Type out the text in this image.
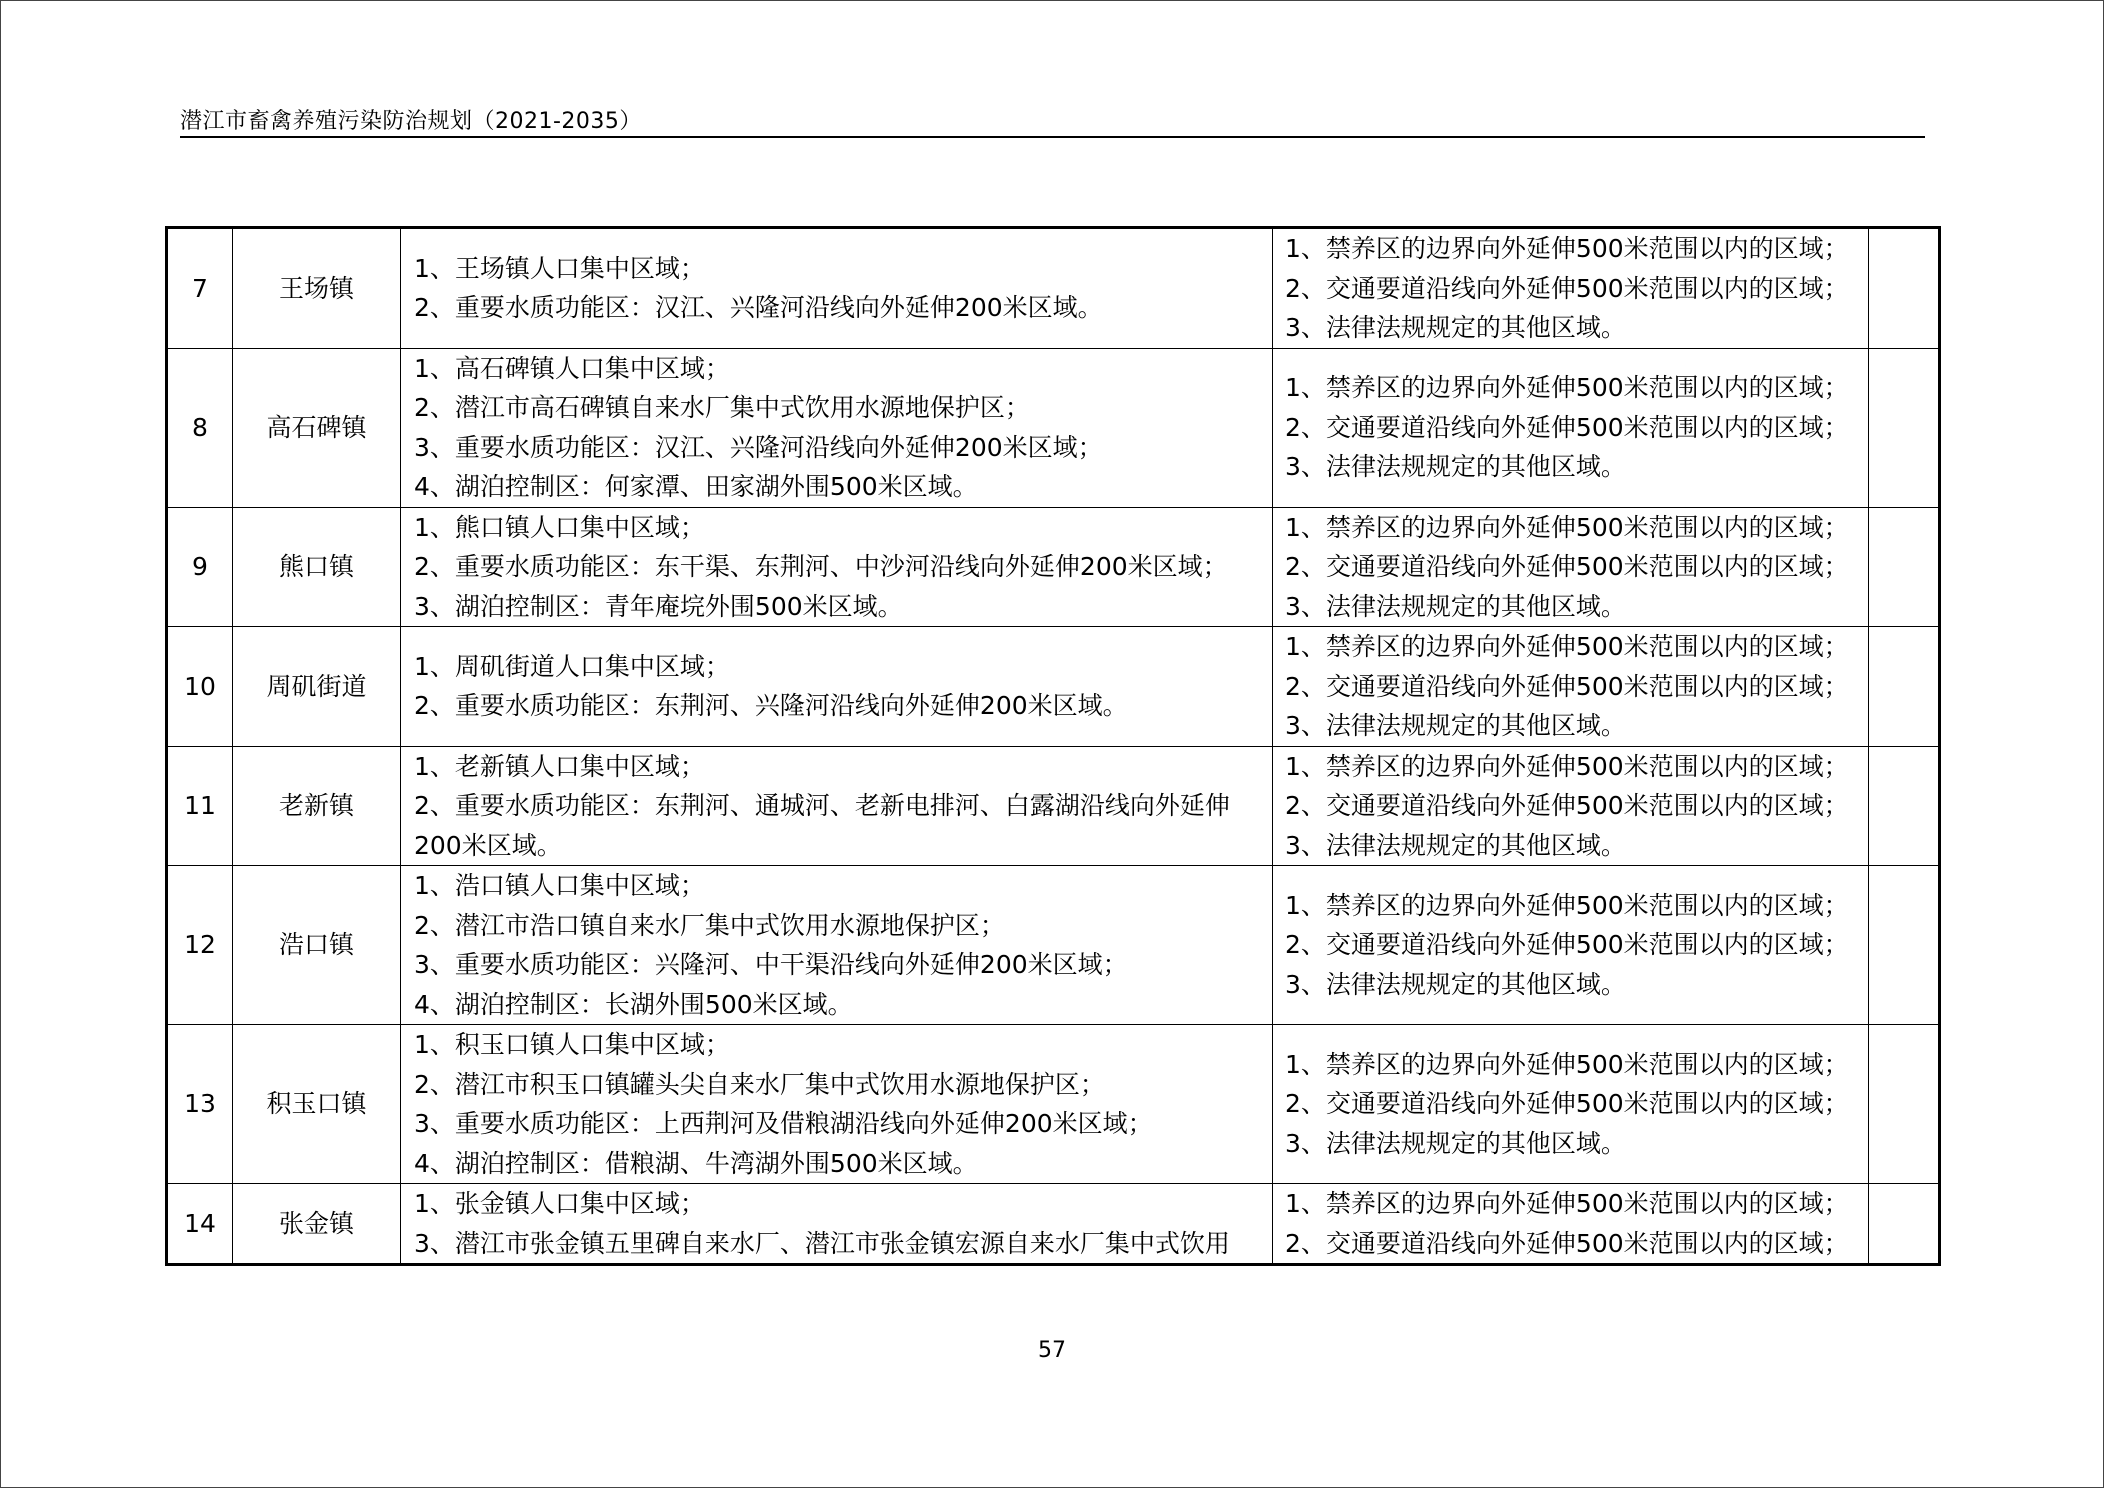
潜江市畜禽养殖污染防治规划（2021-2035）
7	王场镇	1、王场镇人口集中区域；
2、重要水质功能区：汉江、兴隆河沿线向外延伸200米区域。	1、禁养区的边界向外延伸500米范围以内的区域；
2、交通要道沿线向外延伸500米范围以内的区域；
3、法律法规规定的其他区域。	

8	高石碑镇	1、高石碑镇人口集中区域；
2、潜江市高石碑镇自来水厂集中式饮用水源地保护区；
3、重要水质功能区：汉江、兴隆河沿线向外延伸200米区域；
4、湖泊控制区：何家潭、田家湖外围500米区域。	1、禁养区的边界向外延伸500米范围以内的区域；
2、交通要道沿线向外延伸500米范围以内的区域；
3、法律法规规定的其他区域。	

9	熊口镇	1、熊口镇人口集中区域；
2、重要水质功能区：东干渠、东荆河、中沙河沿线向外延伸200米区域；
3、湖泊控制区：青年庵垸外围500米区域。	1、禁养区的边界向外延伸500米范围以内的区域；
2、交通要道沿线向外延伸500米范围以内的区域；
3、法律法规规定的其他区域。	

10	周矶街道	1、周矶街道人口集中区域；
2、重要水质功能区：东荆河、兴隆河沿线向外延伸200米区域。	1、禁养区的边界向外延伸500米范围以内的区域；
2、交通要道沿线向外延伸500米范围以内的区域；
3、法律法规规定的其他区域。	

11	老新镇	1、老新镇人口集中区域；
2、重要水质功能区：东荆河、通城河、老新电排河、白露湖沿线向外延伸
200米区域。	1、禁养区的边界向外延伸500米范围以内的区域；
2、交通要道沿线向外延伸500米范围以内的区域；
3、法律法规规定的其他区域。	

12	浩口镇	1、浩口镇人口集中区域；
2、潜江市浩口镇自来水厂集中式饮用水源地保护区；
3、重要水质功能区：兴隆河、中干渠沿线向外延伸200米区域；
4、湖泊控制区：长湖外围500米区域。	1、禁养区的边界向外延伸500米范围以内的区域；
2、交通要道沿线向外延伸500米范围以内的区域；
3、法律法规规定的其他区域。	

13	积玉口镇	1、积玉口镇人口集中区域；
2、潜江市积玉口镇罐头尖自来水厂集中式饮用水源地保护区；
3、重要水质功能区：上西荆河及借粮湖沿线向外延伸200米区域；
4、湖泊控制区：借粮湖、牛湾湖外围500米区域。	1、禁养区的边界向外延伸500米范围以内的区域；
2、交通要道沿线向外延伸500米范围以内的区域；
3、法律法规规定的其他区域。	

14	张金镇	1、张金镇人口集中区域；
3、潜江市张金镇五里碑自来水厂、潜江市张金镇宏源自来水厂集中式饮用	1、禁养区的边界向外延伸500米范围以内的区域；
2、交通要道沿线向外延伸500米范围以内的区域；	

57
